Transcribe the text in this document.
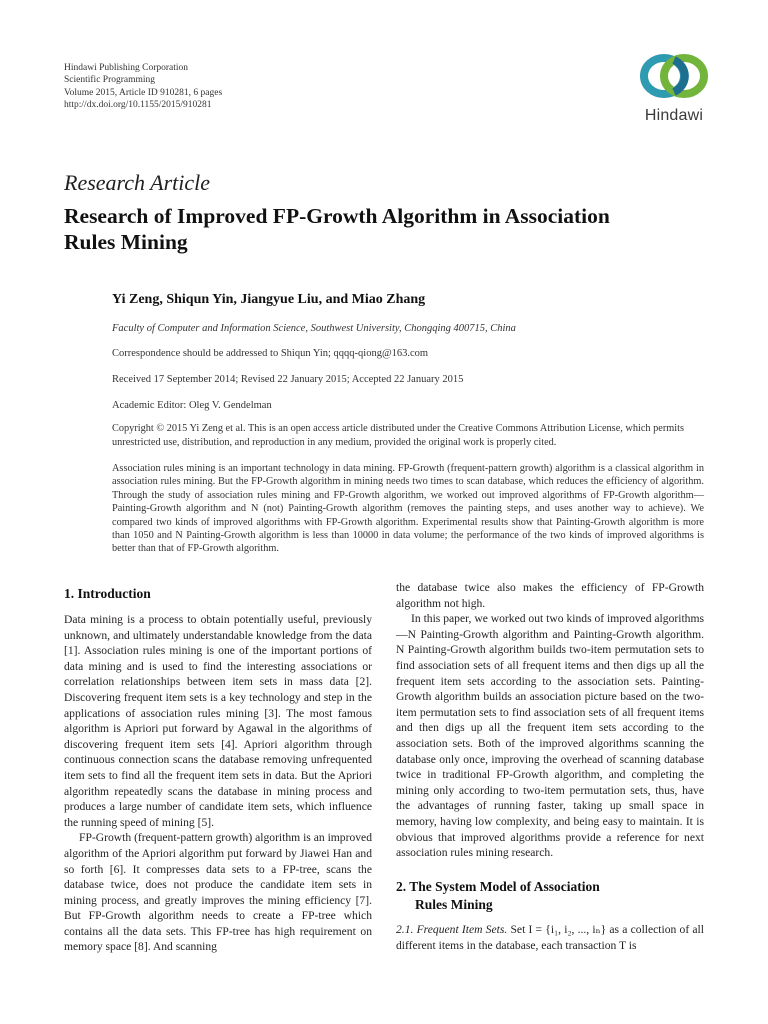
Hindawi Publishing Corporation
Scientific Programming
Volume 2015, Article ID 910281, 6 pages
http://dx.doi.org/10.1155/2015/910281
Hindawi
Research Article
Research of Improved FP-Growth Algorithm in Association Rules Mining
Yi Zeng, Shiqun Yin, Jiangyue Liu, and Miao Zhang
Faculty of Computer and Information Science, Southwest University, Chongqing 400715, China
Correspondence should be addressed to Shiqun Yin; qqqq-qiong@163.com
Received 17 September 2014; Revised 22 January 2015; Accepted 22 January 2015
Academic Editor: Oleg V. Gendelman
Copyright © 2015 Yi Zeng et al. This is an open access article distributed under the Creative Commons Attribution License, which permits unrestricted use, distribution, and reproduction in any medium, provided the original work is properly cited.
Association rules mining is an important technology in data mining. FP-Growth (frequent-pattern growth) algorithm is a classical algorithm in association rules mining. But the FP-Growth algorithm in mining needs two times to scan database, which reduces the efficiency of algorithm. Through the study of association rules mining and FP-Growth algorithm, we worked out improved algorithms of FP-Growth algorithm—Painting-Growth algorithm and N (not) Painting-Growth algorithm (removes the painting steps, and uses another way to achieve). We compared two kinds of improved algorithms with FP-Growth algorithm. Experimental results show that Painting-Growth algorithm is more than 1050 and N Painting-Growth algorithm is less than 10000 in data volume; the performance of the two kinds of improved algorithms is better than that of FP-Growth algorithm.
1. Introduction

Data mining is a process to obtain potentially useful, previously unknown, and ultimately understandable knowledge from the data [1]. Association rules mining is one of the important portions of data mining and is used to find the interesting associations or correlation relationships between item sets in mass data [2]. Discovering frequent item sets is a key technology and step in the applications of association rules mining [3]. The most famous algorithm is Apriori put forward by Agawal in the algorithms of discovering frequent item sets [4]. Apriori algorithm through continuous connection scans the database removing unfrequented item sets to find all the frequent item sets in data. But the Apriori algorithm repeatedly scans the database in mining process and produces a large number of candidate item sets, which influence the running speed of mining [5].

FP-Growth (frequent-pattern growth) algorithm is an improved algorithm of the Apriori algorithm put forward by Jiawei Han and so forth [6]. It compresses data sets to a FP-tree, scans the database twice, does not produce the candidate item sets in mining process, and greatly improves the mining efficiency [7]. But FP-Growth algorithm needs to create a FP-tree which contains all the data sets. This FP-tree has high requirement on memory space [8]. And scanning

the database twice also makes the efficiency of FP-Growth algorithm not high.

In this paper, we worked out two kinds of improved algorithms—N Painting-Growth algorithm and Painting-Growth algorithm. N Painting-Growth algorithm builds two-item permutation sets to find association sets of all frequent items and then digs up all the frequent item sets according to the association sets. Painting-Growth algorithm builds an association picture based on the two-item permutation sets to find association sets of all frequent items and then digs up all the frequent item sets according to the association sets. Both of the improved algorithms scanning the database only once, improving the overhead of scanning database twice in traditional FP-Growth algorithm, and completing the mining only according to two-item permutation sets, thus, have the advantages of running faster, taking up small space in memory, having low complexity, and being easy to maintain. It is obvious that improved algorithms provide a reference for next association rules mining research.

2. The System Model of Association
Rules Mining
2.1. Frequent Item Sets. Set I = {i₁, i₂, ..., iₙ} as a collection of all different items in the database, each transaction T is
